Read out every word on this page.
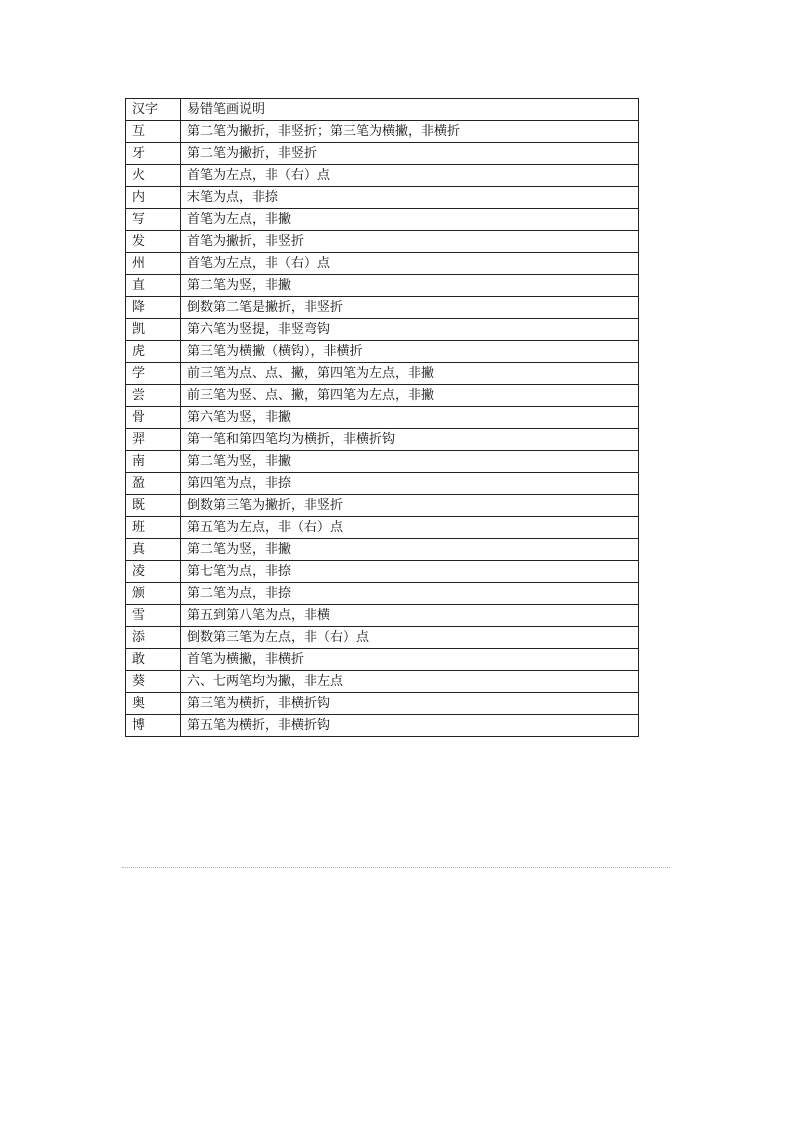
汉字	易错笔画说明
互	第二笔为撇折，非竖折；第三笔为横撇，非横折
牙	第二笔为撇折，非竖折
火	首笔为左点，非（右）点
内	末笔为点，非捺
写	首笔为左点，非撇
发	首笔为撇折，非竖折
州	首笔为左点，非（右）点
直	第二笔为竖，非撇
降	倒数第二笔是撇折，非竖折
凯	第六笔为竖提，非竖弯钩
虎	第三笔为横撇（横钩），非横折
学	前三笔为点、点、撇，第四笔为左点，非撇
尝	前三笔为竖、点、撇，第四笔为左点，非撇
骨	第六笔为竖，非撇
羿	第一笔和第四笔均为横折，非横折钩
南	第二笔为竖，非撇
盈	第四笔为点，非捺
既	倒数第三笔为撇折，非竖折
班	第五笔为左点，非（右）点
真	第二笔为竖，非撇
凌	第七笔为点，非捺
颁	第二笔为点，非捺
雪	第五到第八笔为点，非横
添	倒数第三笔为左点，非（右）点
敢	首笔为横撇，非横折
葵	六、七两笔均为撇，非左点
奥	第三笔为横折，非横折钩
博	第五笔为横折，非横折钩
